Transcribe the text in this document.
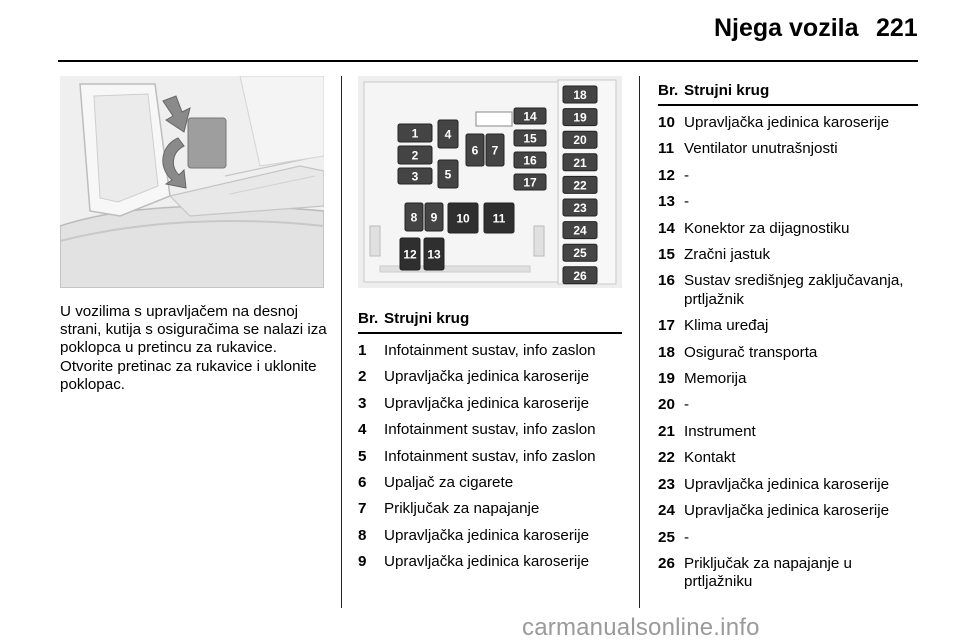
Njega vozila 221
U vozilima s upravljačem na desnoj strani, kutija s osiguračima se nalazi iza poklopca u pretincu za rukavice. Otvorite pretinac za rukavice i uklonite poklopac.
1
2
3
4
5
6 7
8 9 10 11
12 13
14
15
16
17
18
19
20
21
22
23
24
25
26
Br. Strujni krug
1	Infotainment sustav, info zaslon
2	Upravljačka jedinica karoserije
3	Upravljačka jedinica karoserije
4	Infotainment sustav, info zaslon
5	Infotainment sustav, info zaslon
6	Upaljač za cigarete
7	Priključak za napajanje
8	Upravljačka jedinica karoserije
9	Upravljačka jedinica karoserije
Br. Strujni krug
10 Upravljačka jedinica karoserije
11 Ventilator unutrašnjosti
12 -
13 -
14 Konektor za dijagnostiku
15 Zračni jastuk
16 Sustav središnjeg zaključavanja, prtljažnik
17 Klima uređaj
18 Osigurač transporta
19 Memorija
20 -
21 Instrument
22 Kontakt
23 Upravljačka jedinica karoserije
24 Upravljačka jedinica karoserije
25 -
26 Priključak za napajanje u prtljažniku
carmanualsonline.info
